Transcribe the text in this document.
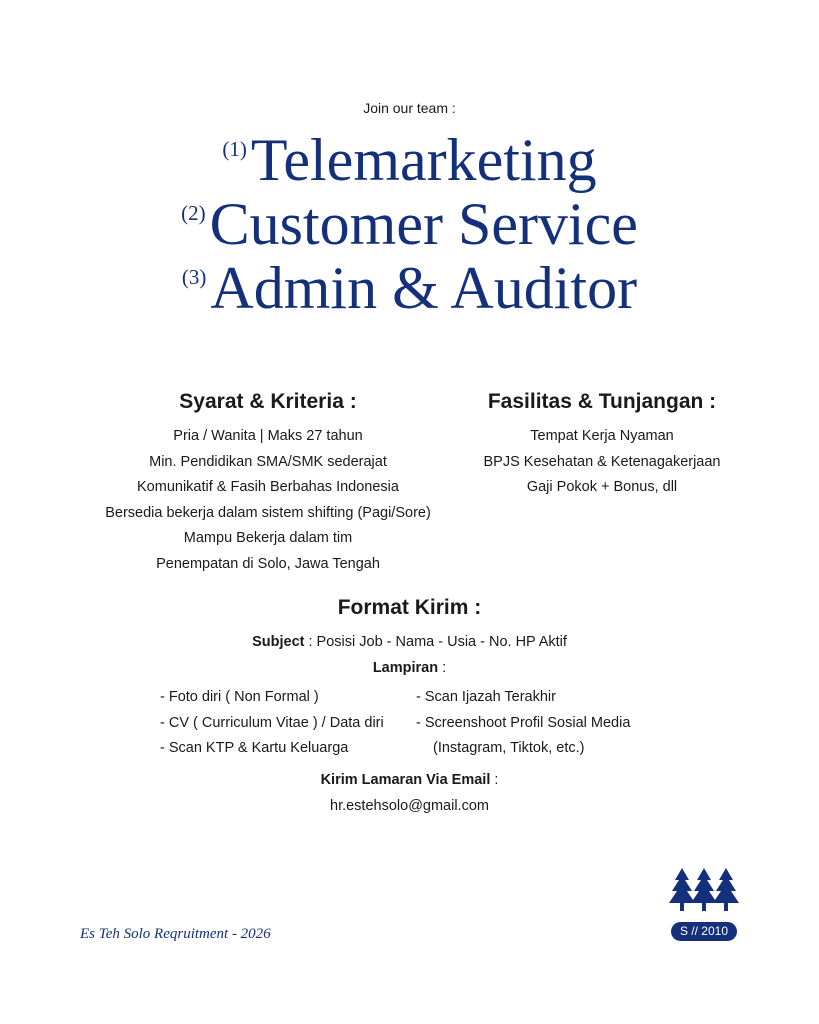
Join our team :
(1)Telemarketing
(2)Customer Service
(3)Admin & Auditor
Syarat & Kriteria :
Pria / Wanita | Maks 27 tahun
Min. Pendidikan SMA/SMK sederajat
Komunikatif & Fasih Berbahas Indonesia
Bersedia bekerja dalam sistem shifting (Pagi/Sore)
Mampu Bekerja dalam tim
Penempatan di Solo, Jawa Tengah
Fasilitas & Tunjangan :
Tempat Kerja Nyaman
BPJS Kesehatan & Ketenagakerjaan
Gaji Pokok + Bonus, dll
Format Kirim :
Subject : Posisi Job - Nama - Usia - No. HP Aktif
Lampiran :
- Foto diri ( Non Formal )
- CV ( Curriculum Vitae ) / Data diri
- Scan KTP & Kartu Keluarga
- Scan Ijazah Terakhir
- Screenshoot Profil Sosial Media
(Instagram, Tiktok, etc.)
Kirim Lamaran Via Email :
hr.estehsolo@gmail.com
Es Teh Solo Reqruitment - 2026	S // 2010
